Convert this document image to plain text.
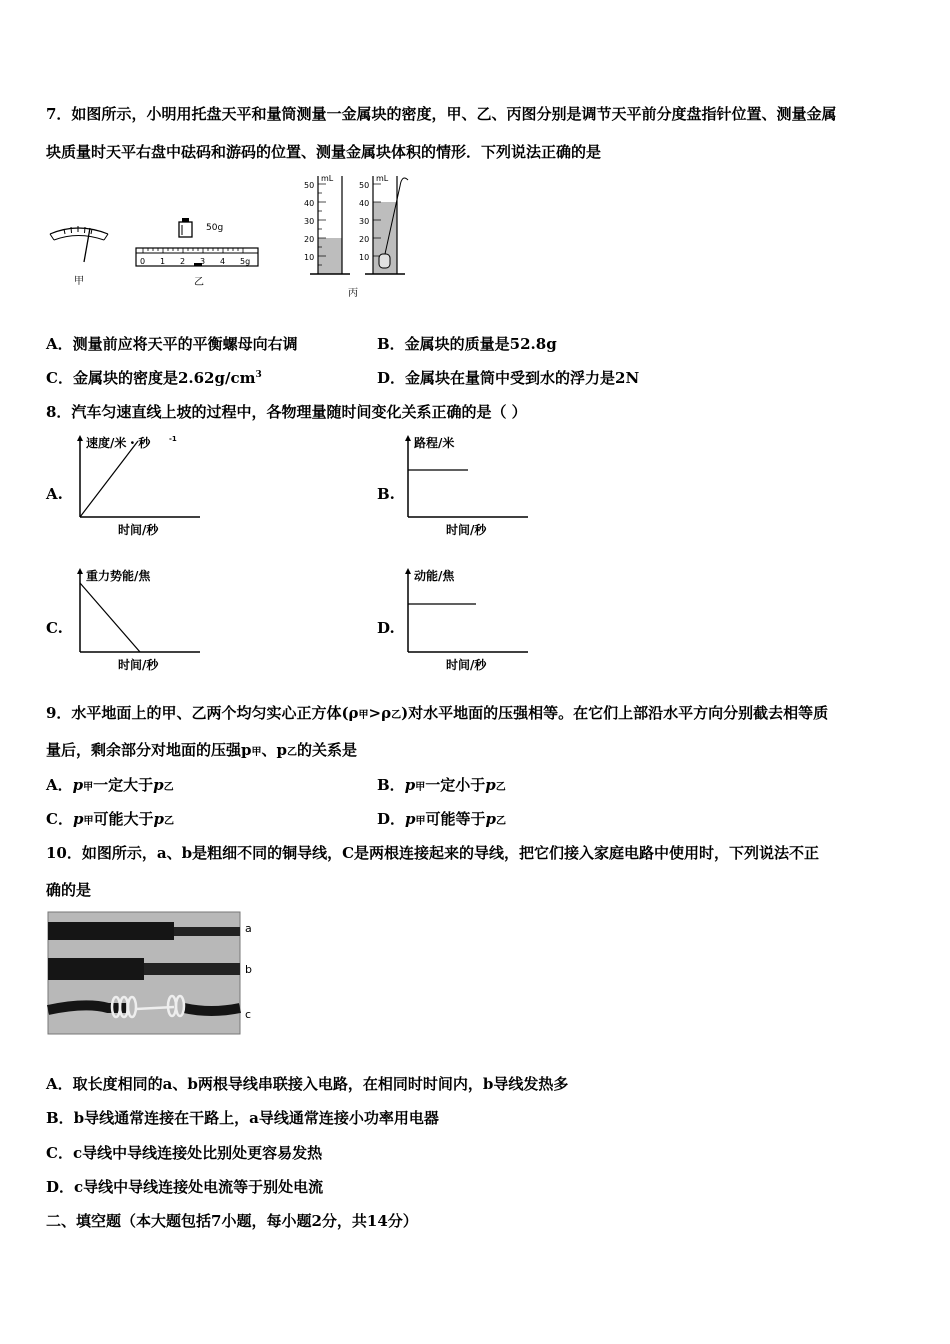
7．如图所示，小明用托盘天平和量筒测量一金属块的密度，甲、乙、丙图分别是调节天平前分度盘指针位置、测量金属
块质量时天平右盘中砝码和游码的位置、测量金属块体积的情形．下列说法正确的是
甲
50g
0 1 2 3 4 5g
乙
mL
50
40
30
20
10
mL
50
40
30
20
10
丙
A．测量前应将天平的平衡螺母向右调	B．金属块的质量是52.8g
C．金属块的密度是$2.62g/cm^3$	D．金属块在量筒中受到水的浮力是2N
8．汽车匀速直线上坡的过程中，各物理量随时间变化关系正确的是（ ）
A.
速度/米・秒	-1
时间/秒
B.
路程/米
时间/秒
C.
重力势能/焦
时间/秒
D.
动能/焦
时间/秒
9．水平地面上的甲、乙两个均匀实心正方体(ρ甲>ρ乙)对水平地面的压强相等。在它们上部沿水平方向分别截去相等质
量后，剩余部分对地面的压强p甲、p乙的关系是
A．p甲一定大于p乙	B．p甲一定小于p乙
C．p甲可能大于p乙	D．p甲可能等于p乙
10．如图所示，a、b是粗细不同的铜导线，C是两根连接起来的导线，把它们接入家庭电路中使用时，下列说法不正
确的是
a
b
c
A．取长度相同的a、b两根导线串联接入电路，在相同时时间内，b导线发热多
B．b导线通常连接在干路上，a导线通常连接小功率用电器
C．c导线中导线连接处比别处更容易发热
D．c导线中导线连接处电流等于别处电流
二、填空题（本大题包括7小题，每小题2分，共14分）
